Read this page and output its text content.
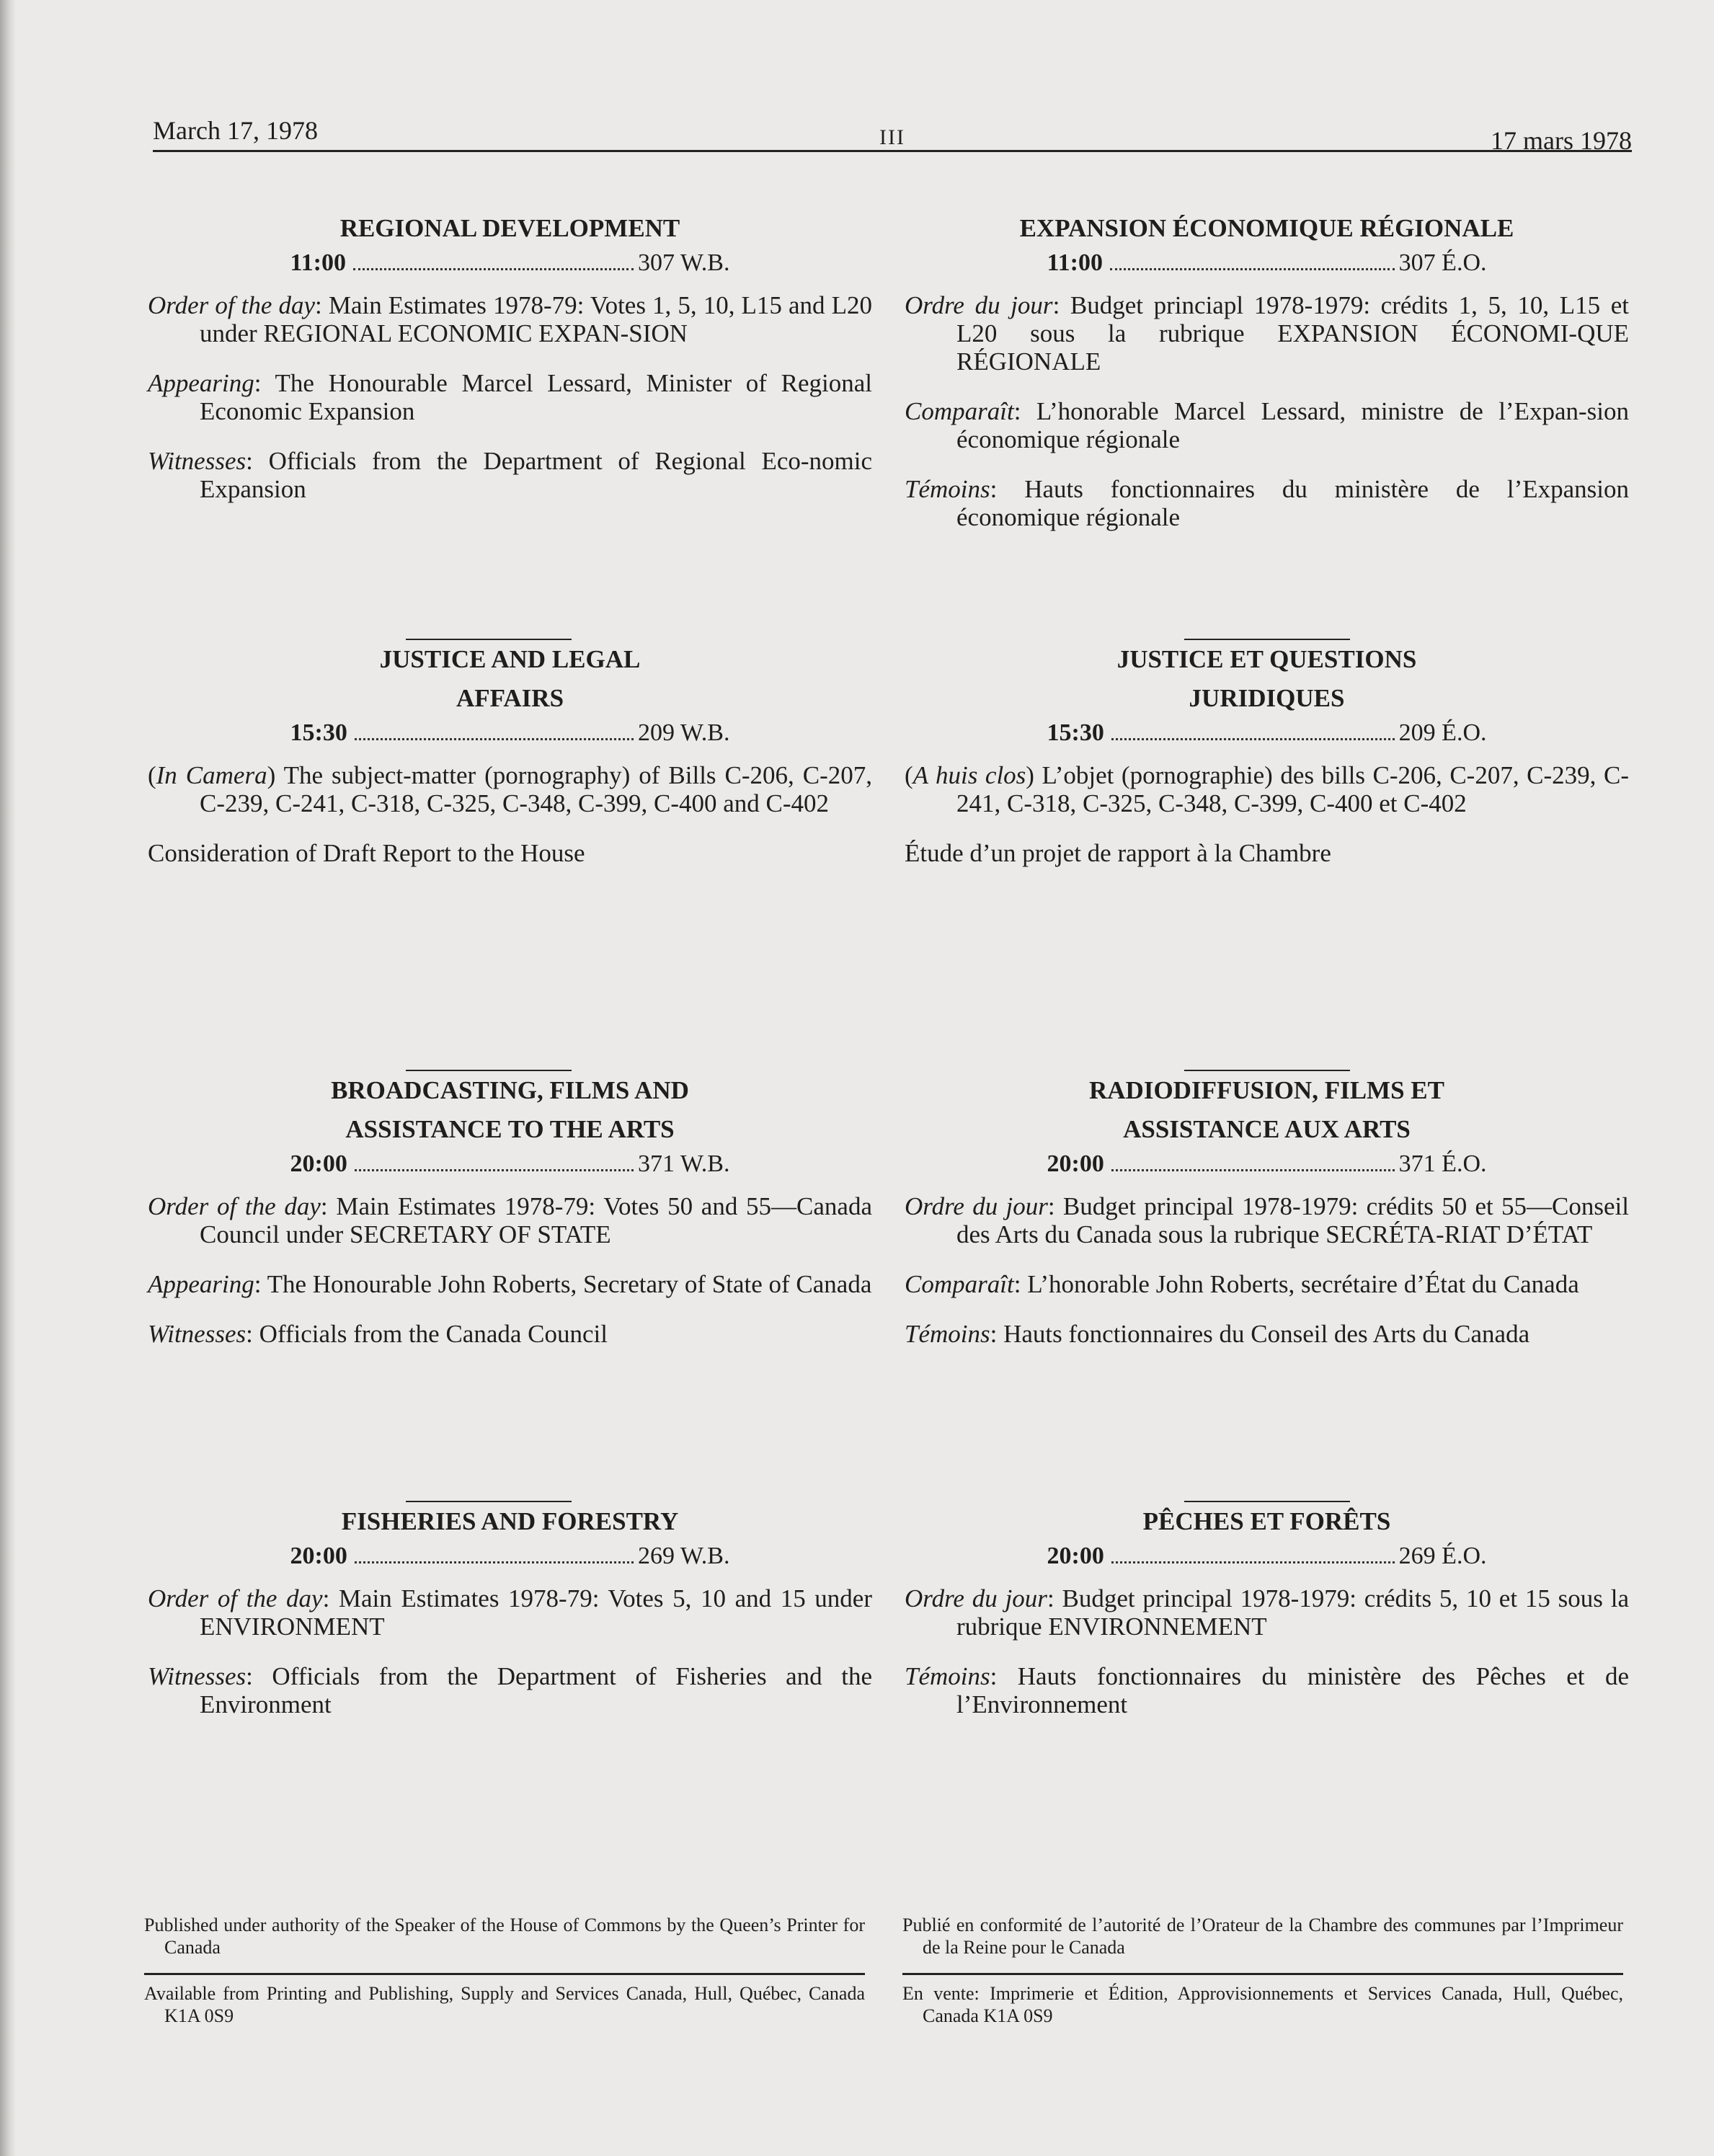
March 17, 1978	III	17 mars 1978
REGIONAL DEVELOPMENT
11:00	307 W.B.

Order of the day: Main Estimates 1978-79: Votes 1, 5, 10, L15 and L20 under REGIONAL ECONOMIC EXPAN-SION

Appearing: The Honourable Marcel Lessard, Minister of Regional Economic Expansion

Witnesses: Officials from the Department of Regional Eco-nomic Expansion

JUSTICE AND LEGAL
AFFAIRS
15:30	209 W.B.

(In Camera) The subject-matter (pornography) of Bills C-206, C-207, C-239, C-241, C-318, C-325, C-348, C-399, C-400 and C-402

Consideration of Draft Report to the House

BROADCASTING, FILMS AND
ASSISTANCE TO THE ARTS
20:00	371 W.B.

Order of the day: Main Estimates 1978-79: Votes 50 and 55—Canada Council under SECRETARY OF STATE

Appearing: The Honourable John Roberts, Secretary of State of Canada

Witnesses: Officials from the Canada Council

FISHERIES AND FORESTRY
20:00	269 W.B.

Order of the day: Main Estimates 1978-79: Votes 5, 10 and 15 under ENVIRONMENT

Witnesses: Officials from the Department of Fisheries and the Environment

EXPANSION ÉCONOMIQUE RÉGIONALE
11:00	307 É.O.

Ordre du jour: Budget princiapl 1978-1979: crédits 1, 5, 10, L15 et L20 sous la rubrique EXPANSION ÉCONOMI-QUE RÉGIONALE

Comparaît: L’honorable Marcel Lessard, ministre de l’Expan-sion économique régionale

Témoins: Hauts fonctionnaires du ministère de l’Expansion économique régionale

JUSTICE ET QUESTIONS
JURIDIQUES
15:30	209 É.O.

(A huis clos) L’objet (pornographie) des bills C-206, C-207, C-239, C-241, C-318, C-325, C-348, C-399, C-400 et C-402

Étude d’un projet de rapport à la Chambre

RADIODIFFUSION, FILMS ET
ASSISTANCE AUX ARTS
20:00	371 É.O.

Ordre du jour: Budget principal 1978-1979: crédits 50 et 55—Conseil des Arts du Canada sous la rubrique SECRÉTA-RIAT D’ÉTAT

Comparaît: L’honorable John Roberts, secrétaire d’État du Canada

Témoins: Hauts fonctionnaires du Conseil des Arts du Canada

PÊCHES ET FORÊTS
20:00	269 É.O.

Ordre du jour: Budget principal 1978-1979: crédits 5, 10 et 15 sous la rubrique ENVIRONNEMENT

Témoins: Hauts fonctionnaires du ministère des Pêches et de l’Environnement

Published under authority of the Speaker of the House of Commons by the Queen’s Printer for Canada

Available from Printing and Publishing, Supply and Services Canada, Hull, Québec, Canada K1A 0S9

Publié en conformité de l’autorité de l’Orateur de la Chambre des communes par l’Imprimeur de la Reine pour le Canada

En vente: Imprimerie et Édition, Approvisionnements et Services Canada, Hull, Québec, Canada K1A 0S9
